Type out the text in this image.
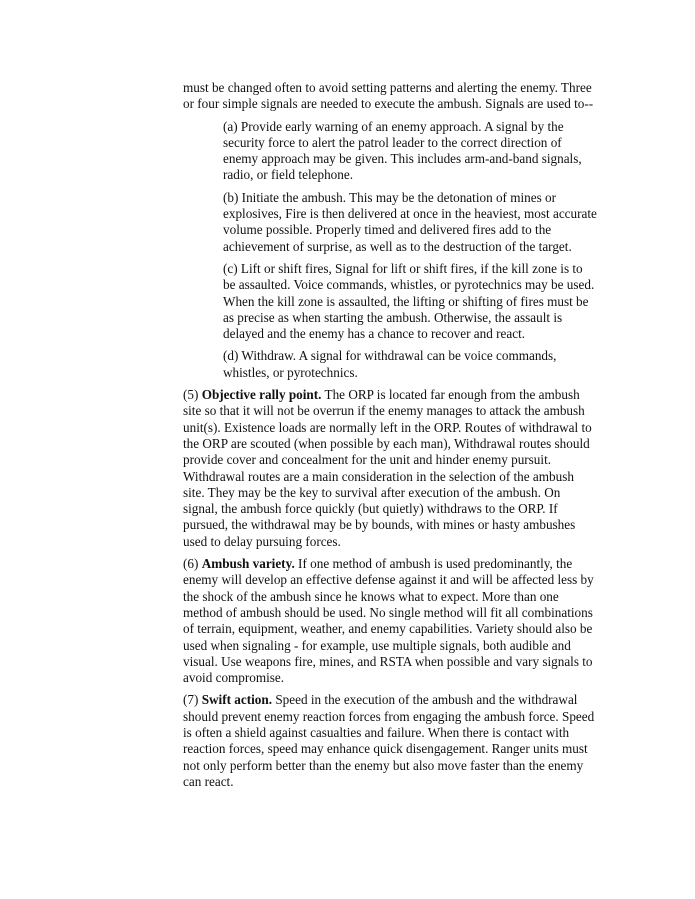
must be changed often to avoid setting patterns and alerting the enemy. Three or four simple signals are needed to execute the ambush. Signals are used to--

(a) Provide early warning of an enemy approach. A signal by the security force to alert the patrol leader to the correct direction of enemy approach may be given. This includes arm-and-band signals, radio, or field telephone.

(b) Initiate the ambush. This may be the detonation of mines or explosives, Fire is then delivered at once in the heaviest, most accurate volume possible. Properly timed and delivered fires add to the achievement of surprise, as well as to the destruction of the target.

(c) Lift or shift fires, Signal for lift or shift fires, if the kill zone is to be assaulted. Voice commands, whistles, or pyrotechnics may be used. When the kill zone is assaulted, the lifting or shifting of fires must be as precise as when starting the ambush. Otherwise, the assault is delayed and the enemy has a chance to recover and react.

(d) Withdraw. A signal for withdrawal can be voice commands, whistles, or pyrotechnics.

(5) Objective rally point. The ORP is located far enough from the ambush site so that it will not be overrun if the enemy manages to attack the ambush unit(s). Existence loads are normally left in the ORP. Routes of withdrawal to the ORP are scouted (when possible by each man), Withdrawal routes should provide cover and concealment for the unit and hinder enemy pursuit. Withdrawal routes are a main consideration in the selection of the ambush site. They may be the key to survival after execution of the ambush. On signal, the ambush force quickly (but quietly) withdraws to the ORP. If pursued, the withdrawal may be by bounds, with mines or hasty ambushes used to delay pursuing forces.

(6) Ambush variety. If one method of ambush is used predominantly, the enemy will develop an effective defense against it and will be affected less by the shock of the ambush since he knows what to expect. More than one method of ambush should be used. No single method will fit all combinations of terrain, equipment, weather, and enemy capabilities. Variety should also be used when signaling - for example, use multiple signals, both audible and visual. Use weapons fire, mines, and RSTA when possible and vary signals to avoid compromise.

(7) Swift action. Speed in the execution of the ambush and the withdrawal should prevent enemy reaction forces from engaging the ambush force. Speed is often a shield against casualties and failure. When there is contact with reaction forces, speed may enhance quick disengagement. Ranger units must not only perform better than the enemy but also move faster than the enemy can react.
